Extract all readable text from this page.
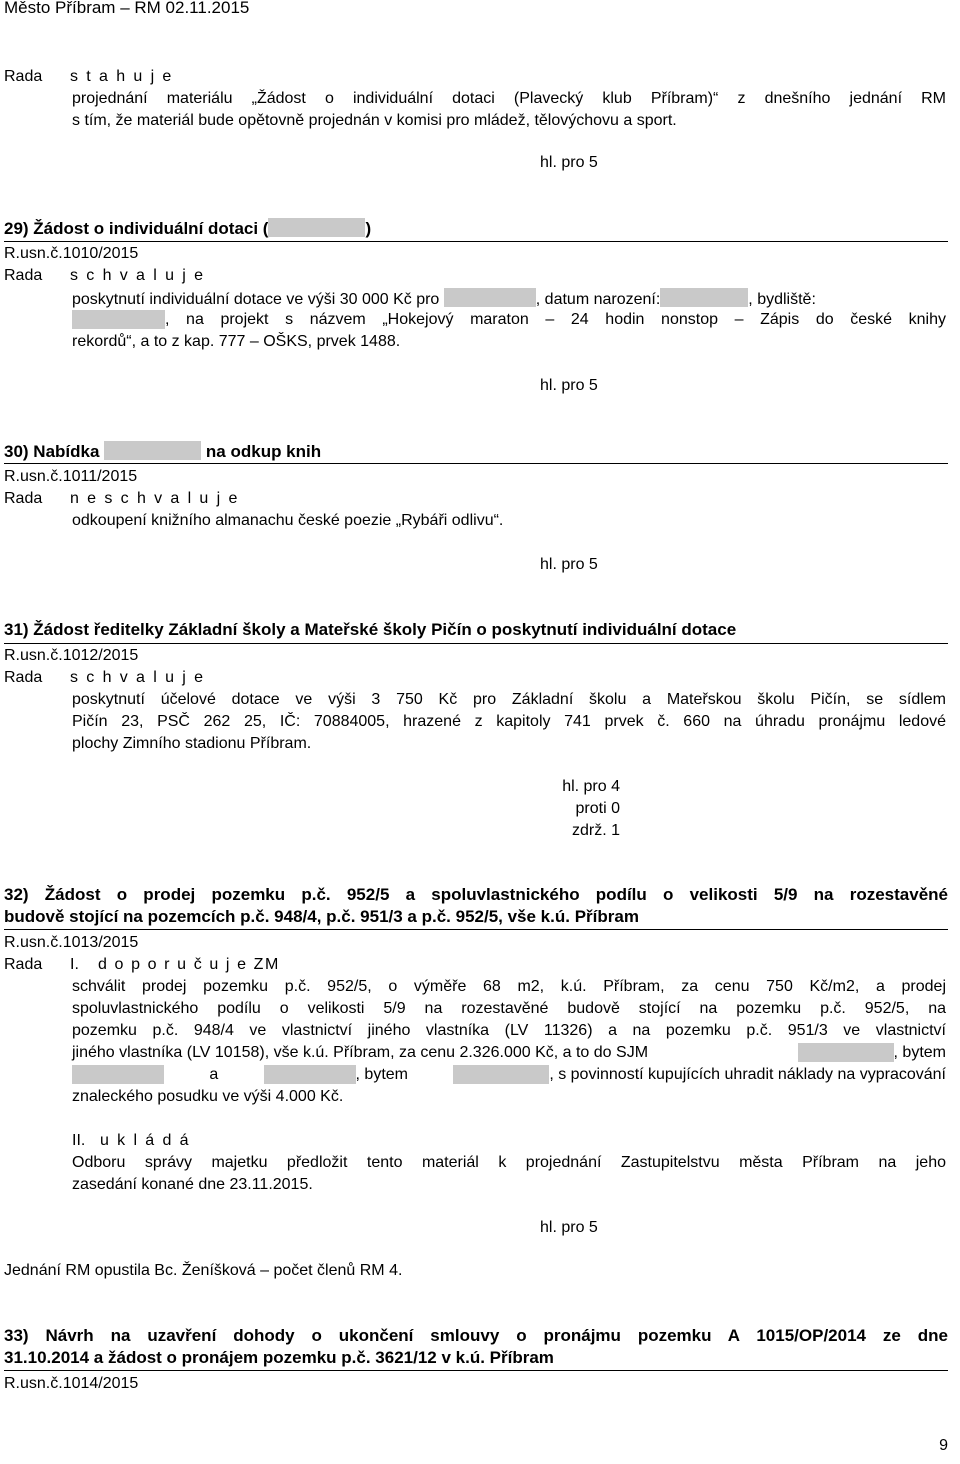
Město Příbram – RM 02.11.2015
Rada s t a h u j e
projednání materiálu „Žádost o individuální dotaci (Plavecký klub Příbram)“ z dnešního jednání RM
s tím, že materiál bude opětovně projednán v komisi pro mládež, tělovýchovu a sport.
hl. pro 5
29) Žádost o individuální dotaci (	)
R.usn.č.1010/2015
Rada s c h v a l u j e
poskytnutí individuální dotace ve výši 30 000 Kč pro	, datum narození:	, bydliště:
, na projekt s názvem „Hokejový maraton – 24 hodin nonstop – Zápis do české knihy
rekordů“, a to z kap. 777 – OŠKS, prvek 1488.
hl. pro 5
30) Nabídka	na odkup knih
R.usn.č.1011/2015
Rada n e s c h v a l u j e
odkoupení knižního almanachu české poezie „Rybáři odlivu“.
hl. pro 5
31) Žádost ředitelky Základní školy a Mateřské školy Pičín o poskytnutí individuální dotace
R.usn.č.1012/2015
Rada s c h v a l u j e
poskytnutí účelové dotace ve výši 3 750 Kč pro Základní školu a Mateřskou školu Pičín, se sídlem
Pičín 23, PSČ 262 25, IČ: 70884005, hrazené z kapitoly 741 prvek č. 660 na úhradu pronájmu ledové
plochy Zimního stadionu Příbram.
hl. pro 4
proti 0
zdrž. 1
32) Žádost o prodej pozemku p.č. 952/5 a spoluvlastnického podílu o velikosti 5/9 na rozestavěné
budově stojící na pozemcích p.č. 948/4, p.č. 951/3 a p.č. 952/5, vše k.ú. Příbram
R.usn.č.1013/2015
Rada I. d o p o r u č u j e ZM
schválit prodej pozemku p.č. 952/5, o výměře 68 m2, k.ú. Příbram, za cenu 750 Kč/m2, a prodej
spoluvlastnického podílu o velikosti 5/9 na rozestavěné budově stojící na pozemku p.č. 952/5, na
pozemku p.č. 948/4 ve vlastnictví jiného vlastníka (LV 11326) a na pozemku p.č. 951/3 ve vlastnictví
jiného vlastníka (LV 10158), vše k.ú. Příbram, za cenu 2.326.000 Kč, a to do SJM	, bytem
a	, bytem	, s povinností kupujících uhradit náklady na vypracování
znaleckého posudku ve výši 4.000 Kč.
II. u k l á d á
Odboru správy majetku předložit tento materiál k projednání Zastupitelstvu města Příbram na jeho
zasedání konané dne 23.11.2015.
hl. pro 5
Jednání RM opustila Bc. Ženíšková – počet členů RM 4.
33) Návrh na uzavření dohody o ukončení smlouvy o pronájmu pozemku A 1015/OP/2014 ze dne
31.10.2014 a žádost o pronájem pozemku p.č. 3621/12 v k.ú. Příbram
R.usn.č.1014/2015
9
